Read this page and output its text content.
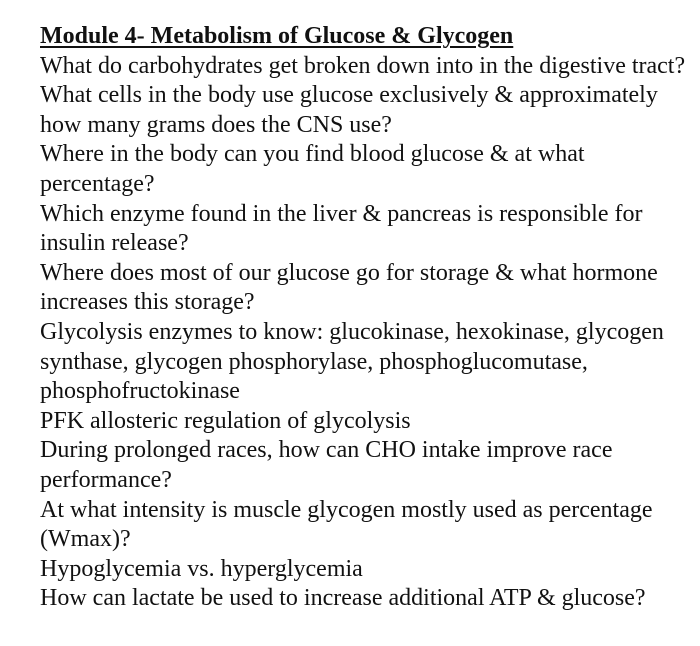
Module 4- Metabolism of Glucose & Glycogen

What do carbohydrates get broken down into in the digestive tract?

What cells in the body use glucose exclusively & approximately how many grams does the CNS use?

Where in the body can you find blood glucose & at what percentage?

Which enzyme found in the liver & pancreas is responsible for insulin release?

Where does most of our glucose go for storage & what hormone increases this storage?

Glycolysis enzymes to know: glucokinase, hexokinase, glycogen synthase, glycogen phosphorylase, phosphoglucomutase, phosphofructokinase

PFK allosteric regulation of glycolysis

During prolonged races, how can CHO intake improve race performance?

At what intensity is muscle glycogen mostly used as percentage (Wmax)?

Hypoglycemia vs. hyperglycemia

How can lactate be used to increase additional ATP & glucose?
